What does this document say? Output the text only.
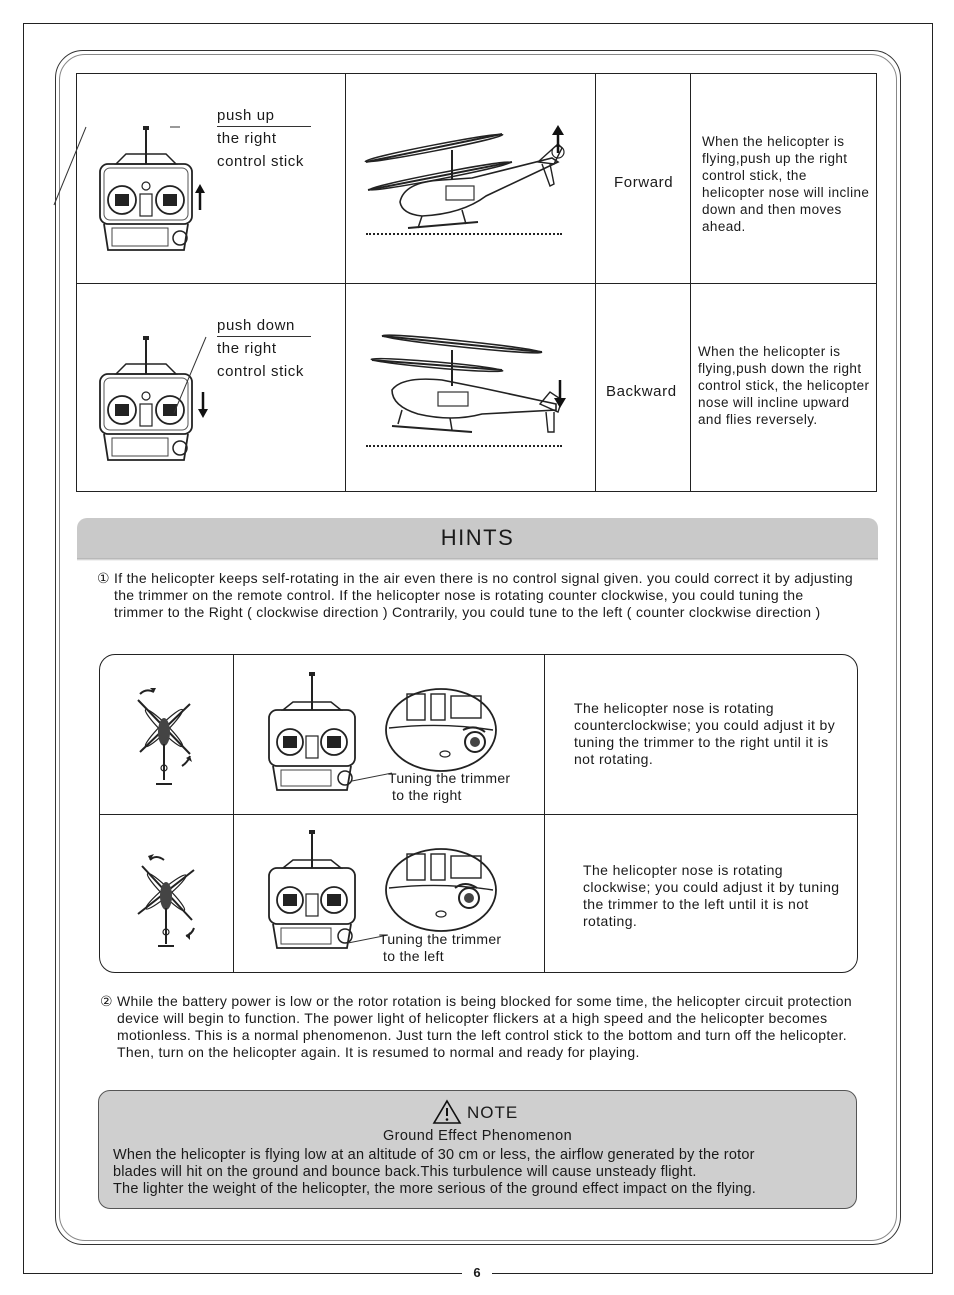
push up

the right
control stick
Forward
When the helicopter is flying,push up the right control stick, the helicopter nose will incline down and then moves ahead.
push down

the right
control stick
Backward
When the helicopter is flying,push down the right control stick, the helicopter nose will incline upward and flies reversely.
HINTS
① If the helicopter keeps self-rotating in the air even there is no control signal given. you could correct it by adjusting the trimmer on the remote control. If the helicopter nose is rotating counter clockwise, you could tuning the trimmer to the Right ( clockwise direction ) Contrarily, you could tune to the left ( counter clockwise direction )
Tuning the trimmer
to the right
The helicopter nose is rotating counterclockwise; you could adjust it by tuning the trimmer to the right until it is not rotating.
Tuning the trimmer
to the left
The helicopter nose is rotating clockwise; you could adjust it by tuning the trimmer to the left until it is not rotating.
② While the battery power is low or the rotor rotation is being blocked for some time, the helicopter circuit protection device will begin to function. The power light of helicopter flickers at a high speed and the helicopter becomes motionless. This is a normal phenomenon. Just turn the left control stick to the bottom and turn off the helicopter. Then, turn on the helicopter again. It is resumed to normal and ready for playing.
NOTE
Ground Effect Phenomenon
When the helicopter is flying low at an altitude of 30 cm or less, the airflow generated by the rotor
blades will hit on the ground and bounce back.This turbulence will cause unsteady flight.
The lighter the weight of the helicopter, the more serious of the ground effect impact on the flying.
6
